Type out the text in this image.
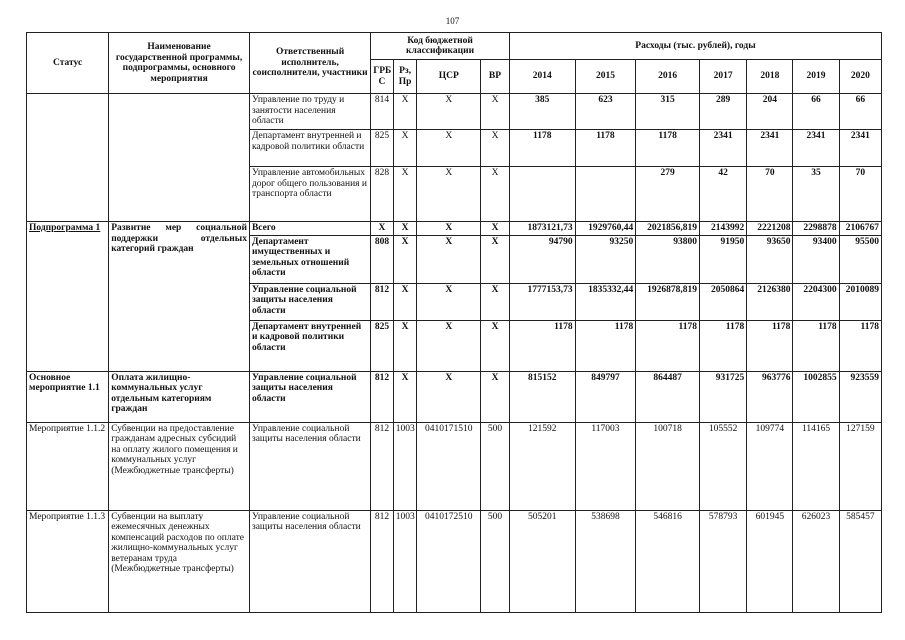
107
Статус	Наименование государственной программы, подпрограммы, основного мероприятия	Ответственный исполнитель, соисполнители, участники	Код бюджетной классификации				Расходы (тыс. рублей), годы						
			ГРБ С	Рз, Пр	ЦСР	ВР	2014	2015	2016	2017	2018	2019	2020
		Управление по труду и занятости населения области	814	Х	Х	Х	385	623	315	289	204	66	66
		Департамент внутренней и кадровой политики области	825	Х	Х	Х	1178	1178	1178	2341	2341	2341	2341
		Управление автомобильных дорог общего пользования и транспорта области	828	Х	Х	Х			279	42	70	35	70
Подпрограмма 1	Развитие мер социальной поддержки отдельных категорий граждан	Всего	Х	Х	Х	Х	1873121,73	1929760,44	2021856,819	2143992	2221208	2298878	2106767
		Департамент имущественных и земельных отношений области	808	Х	Х	Х	94790	93250	93800	91950	93650	93400	95500
		Управление социальной защиты населения области	812	Х	Х	Х	1777153,73	1835332,44	1926878,819	2050864	2126380	2204300	2010089
		Департамент внутренней и кадровой политики области	825	Х	Х	Х	1178	1178	1178	1178	1178	1178	1178
Основное мероприятие 1.1	Оплата жилищно-коммунальных услуг отдельным категориям граждан	Управление социальной защиты населения области	812	Х	Х	Х	815152	849797	864487	931725	963776	1002855	923559
Мероприятие 1.1.2	Субвенции на предоставление гражданам адресных субсидий на оплату жилого помещения и коммунальных услуг (Межбюджетные трансферты)	Управление социальной защиты населения области	812	1003	0410171510	500	121592	117003	100718	105552	109774	114165	127159
Мероприятие 1.1.3	Субвенции на выплату ежемесячных денежных компенсаций расходов по оплате жилищно-коммунальных услуг ветеранам труда (Межбюджетные трансферты)	Управление социальной защиты населения области	812	1003	0410172510	500	505201	538698	546816	578793	601945	626023	585457
